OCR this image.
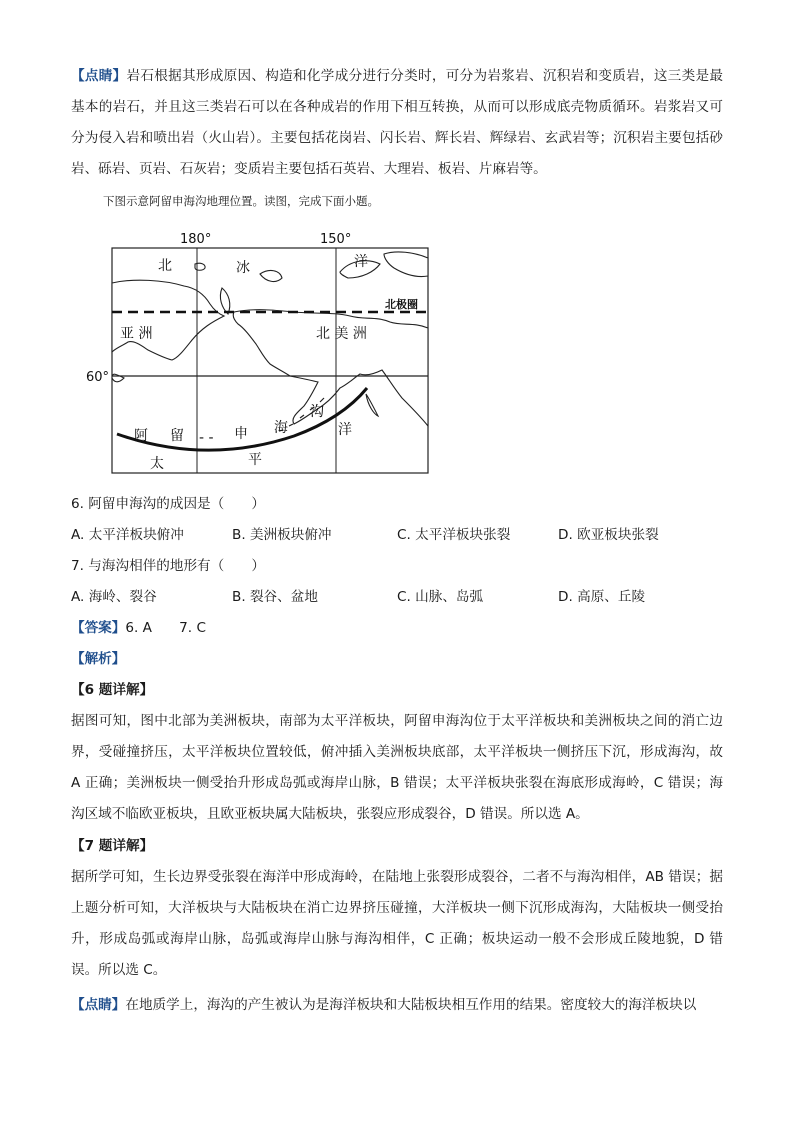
【点睛】岩石根据其形成原因、构造和化学成分进行分类时，可分为岩浆岩、沉积岩和变质岩，这三类是最基本的岩石，并且这三类岩石可以在各种成岩的作用下相互转换，从而可以形成底壳物质循环。岩浆岩又可分为侵入岩和喷出岩（火山岩）。主要包括花岗岩、闪长岩、辉长岩、辉绿岩、玄武岩等；沉积岩主要包括砂岩、砾岩、页岩、石灰岩；变质岩主要包括石英岩、大理岩、板岩、片麻岩等。

下图示意阿留申海沟地理位置。读图，完成下面小题。
180°	150°
60°
北极圈
北	冰	洋
亚 洲	北 美 洲
阿 留 - - 申 海
沟
太	平
洋
6. 阿留申海沟的成因是（　　）
A. 太平洋板块俯冲	B. 美洲板块俯冲	C. 太平洋板块张裂	D. 欧亚板块张裂
7. 与海沟相伴的地形有（　　）
A. 海岭、裂谷	B. 裂谷、盆地	C. 山脉、岛弧	D. 高原、丘陵
【答案】6. A　　7. C
【解析】
【6 题详解】

据图可知，图中北部为美洲板块，南部为太平洋板块，阿留申海沟位于太平洋板块和美洲板块之间的消亡边界，受碰撞挤压，太平洋板块位置较低，俯冲插入美洲板块底部，太平洋板块一侧挤压下沉，形成海沟，故 A 正确；美洲板块一侧受抬升形成岛弧或海岸山脉，B 错误；太平洋板块张裂在海底形成海岭，C 错误；海沟区域不临欧亚板块，且欧亚板块属大陆板块，张裂应形成裂谷，D 错误。所以选 A。

【7 题详解】

据所学可知，生长边界受张裂在海洋中形成海岭，在陆地上张裂形成裂谷，二者不与海沟相伴，AB 错误；据上题分析可知，大洋板块与大陆板块在消亡边界挤压碰撞，大洋板块一侧下沉形成海沟，大陆板块一侧受抬升，形成岛弧或海岸山脉，岛弧或海岸山脉与海沟相伴，C 正确；板块运动一般不会形成丘陵地貌，D 错误。所以选 C。

【点睛】在地质学上，海沟的产生被认为是海洋板块和大陆板块相互作用的结果。密度较大的海洋板块以
